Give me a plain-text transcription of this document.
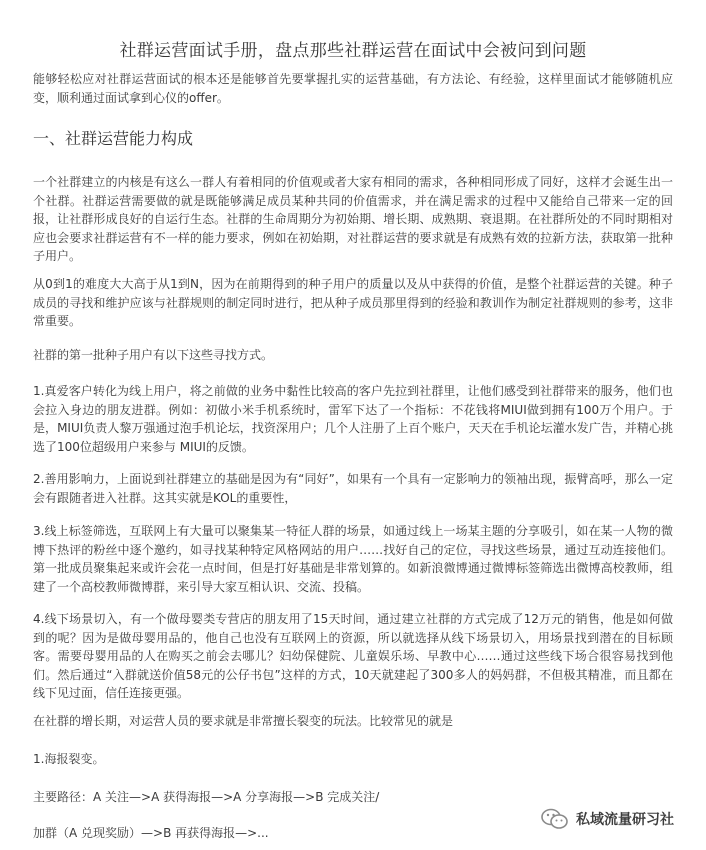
社群运营面试手册，盘点那些社群运营在面试中会被问到问题

能够轻松应对社群运营面试的根本还是能够首先要掌握扎实的运营基础，有方法论、有经验，这样里面试才能够随机应变，顺利通过面试拿到心仪的offer。

一、社群运营能力构成

一个社群建立的内核是有这么一群人有着相同的价值观或者大家有相同的需求，各种相同形成了同好，这样才会诞生出一个社群。社群运营需要做的就是既能够满足成员某种共同的价值需求，并在满足需求的过程中又能给自己带来一定的回报，让社群形成良好的自运行生态。社群的生命周期分为初始期、增长期、成熟期、衰退期。在社群所处的不同时期相对应也会要求社群运营有不一样的能力要求，例如在初始期，对社群运营的要求就是有成熟有效的拉新方法，获取第一批种子用户。

从0到1的难度大大高于从1到N，因为在前期得到的种子用户的质量以及从中获得的价值，是整个社群运营的关键。种子成员的寻找和维护应该与社群规则的制定同时进行，把从种子成员那里得到的经验和教训作为制定社群规则的参考，这非常重要。

社群的第一批种子用户有以下这些寻找方式。

1.真爱客户转化为线上用户，将之前做的业务中黏性比较高的客户先拉到社群里，让他们感受到社群带来的服务，他们也会拉入身边的朋友进群。例如：初做小米手机系统时，雷军下达了一个指标：不花钱将MIUI做到拥有100万个用户。于是，MIUI负责人黎万强通过泡手机论坛，找资深用户；几个人注册了上百个账户，天天在手机论坛灌水发广告，并精心挑选了100位超级用户来参与 MIUI的反馈。

2.善用影响力，上面说到社群建立的基础是因为有“同好”，如果有一个具有一定影响力的领袖出现，振臂高呼，那么一定会有跟随者进入社群。这其实就是KOL的重要性，

3.线上标签筛选，互联网上有大量可以聚集某一特征人群的场景，如通过线上一场某主题的分享吸引，如在某一人物的微博下热评的粉丝中逐个邀约，如寻找某种特定风格网站的用户……找好自己的定位，寻找这些场景，通过互动连接他们。第一批成员聚集起来或许会花一点时间，但是打好基础是非常划算的。如新浪微博通过微博标签筛选出微博高校教师，组建了一个高校教师微博群，来引导大家互相认识、交流、投稿。

4.线下场景切入，有一个做母婴类专营店的朋友用了15天时间，通过建立社群的方式完成了12万元的销售，他是如何做到的呢？因为是做母婴用品的，他自己也没有互联网上的资源，所以就选择从线下场景切入，用场景找到潜在的目标顾客。需要母婴用品的人在购买之前会去哪儿？妇幼保健院、儿童娱乐场、早教中心……通过这些线下场合很容易找到他们。然后通过“入群就送价值58元的公仔书包”这样的方式，10天就建起了300多人的妈妈群，不但极其精准，而且都在线下见过面，信任连接更强。

在社群的增长期，对运营人员的要求就是非常擅长裂变的玩法。比较常见的就是

1.海报裂变。

主要路径：A 关注—>A 获得海报—>A 分享海报—>B 完成关注/

加群（A 兑现奖励）—>B 再获得海报—>...

私域流量研习社
